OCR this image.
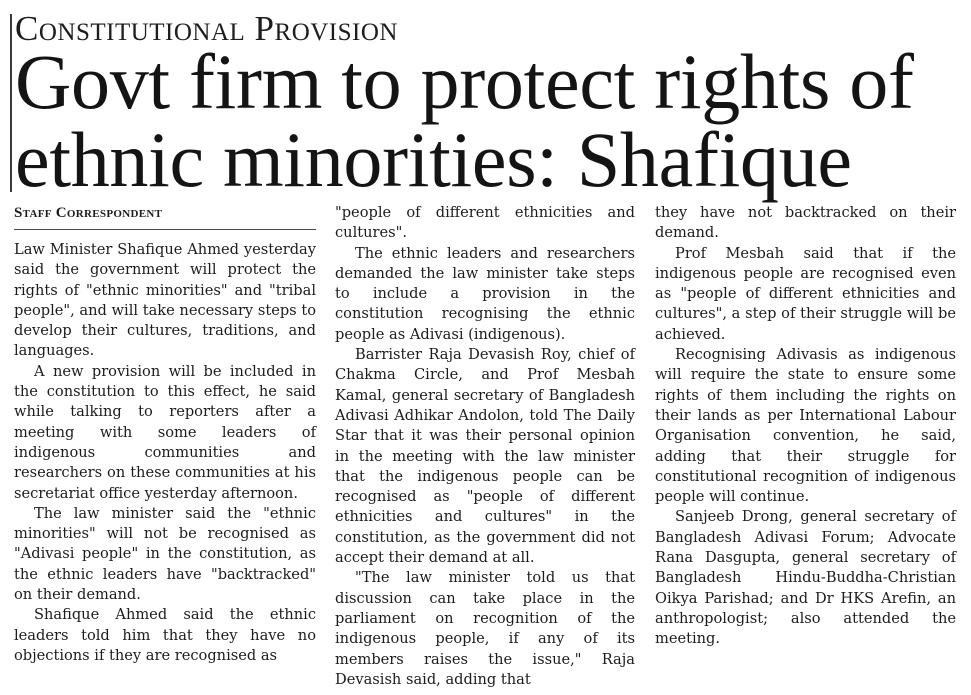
Constitutional Provision
Govt firm to protect rights of
ethnic minorities: Shafique
Staff Correspondent

Law Minister Shafique Ahmed yesterday said the government will protect the rights of "ethnic minorities" and "tribal people", and will take necessary steps to develop their cultures, traditions, and languages.

A new provision will be included in the constitution to this effect, he said while talking to reporters after a meeting with some leaders of indigenous communities and researchers on these communities at his secretariat office yesterday afternoon.

The law minister said the "ethnic minorities" will not be recognised as "Adivasi people" in the constitution, as the ethnic leaders have "backtracked" on their demand.

Shafique Ahmed said the ethnic leaders told him that they have no objections if they are recognised as

"people of different ethnicities and cultures".

The ethnic leaders and researchers demanded the law minister take steps to include a provision in the constitution recognising the ethnic people as Adivasi (indigenous).

Barrister Raja Devasish Roy, chief of Chakma Circle, and Prof Mesbah Kamal, general secretary of Bangladesh Adivasi Adhikar Andolon, told The Daily Star that it was their personal opinion in the meeting with the law minister that the indigenous people can be recognised as "people of different ethnicities and cultures" in the constitution, as the government did not accept their demand at all.

"The law minister told us that discussion can take place in the parliament on recognition of the indigenous people, if any of its members raises the issue," Raja Devasish said, adding that

they have not backtracked on their demand.

Prof Mesbah said that if the indigenous people are recognised even as "people of different ethnicities and cultures", a step of their struggle will be achieved.

Recognising Adivasis as indigenous will require the state to ensure some rights of them including the rights on their lands as per International Labour Organisation convention, he said, adding that their struggle for constitutional recognition of indigenous people will continue.

Sanjeeb Drong, general secretary of Bangladesh Adivasi Forum; Advocate Rana Dasgupta, general secretary of Bangladesh Hindu-Buddha-Christian Oikya Parishad; and Dr HKS Arefin, an anthropologist; also attended the meeting.
